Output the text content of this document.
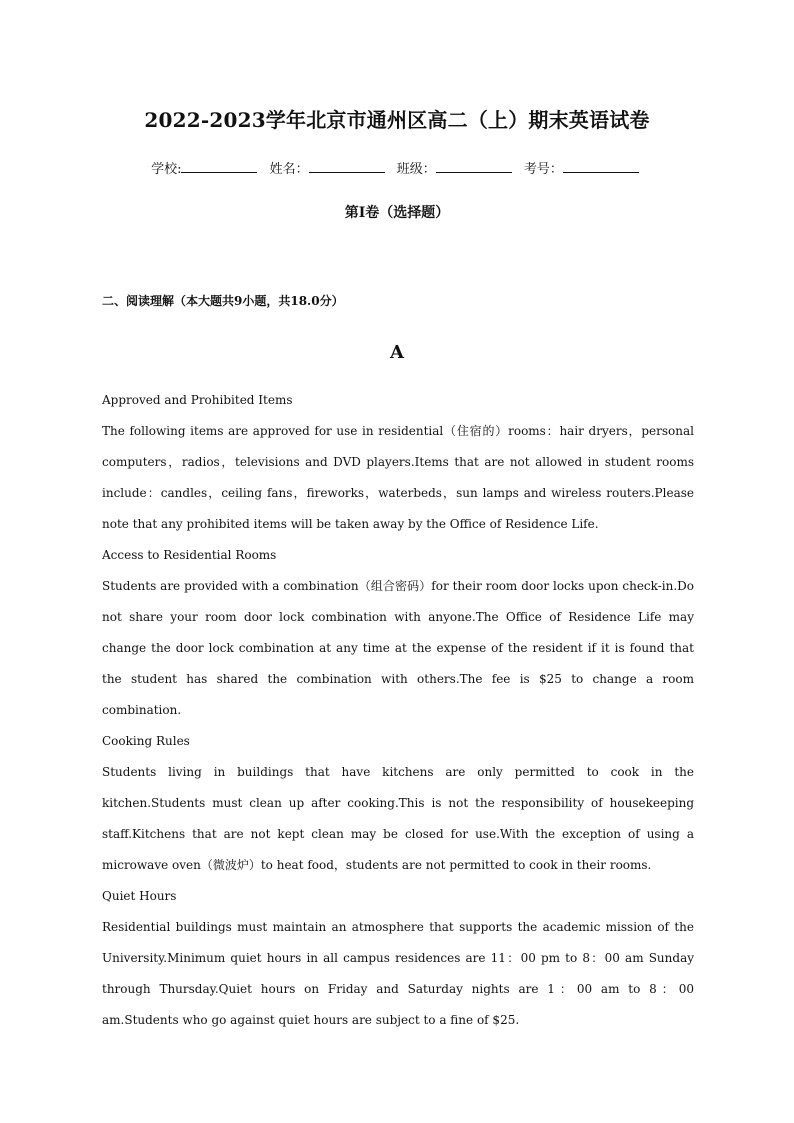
2022-2023学年北京市通州区高二（上）期末英语试卷
学校:	姓名：	班级：	考号：
第I卷（选择题）
二、阅读理解（本大题共9小题，共18.0分）
A

Approved and Prohibited Items

The following items are approved for use in residential（住宿的）rooms：hair dryers，personal computers，radios，televisions and DVD players.Items that are not allowed in student rooms include：candles，ceiling fans，fireworks，waterbeds，sun lamps and wireless routers.Please note that any prohibited items will be taken away by the Office of Residence Life.

Access to Residential Rooms

Students are provided with a combination（组合密码）for their room door locks upon check-in.Do not share your room door lock combination with anyone.The Office of Residence Life may change the door lock combination at any time at the expense of the resident if it is found that the student has shared the combination with others.The fee is $25 to change a room combination.

Cooking Rules

Students living in buildings that have kitchens are only permitted to cook in the kitchen.Students must clean up after cooking.This is not the responsibility of housekeeping staff.Kitchens that are not kept clean may be closed for use.With the exception of using a microwave oven（微波炉）to heat food，students are not permitted to cook in their rooms.

Quiet Hours

Residential buildings must maintain an atmosphere that supports the academic mission of the University.Minimum quiet hours in all campus residences are 11：00 pm to 8：00 am Sunday through Thursday.Quiet hours on Friday and Saturday nights are 1：00 am to 8：00 am.Students who go against quiet hours are subject to a fine of $25.
